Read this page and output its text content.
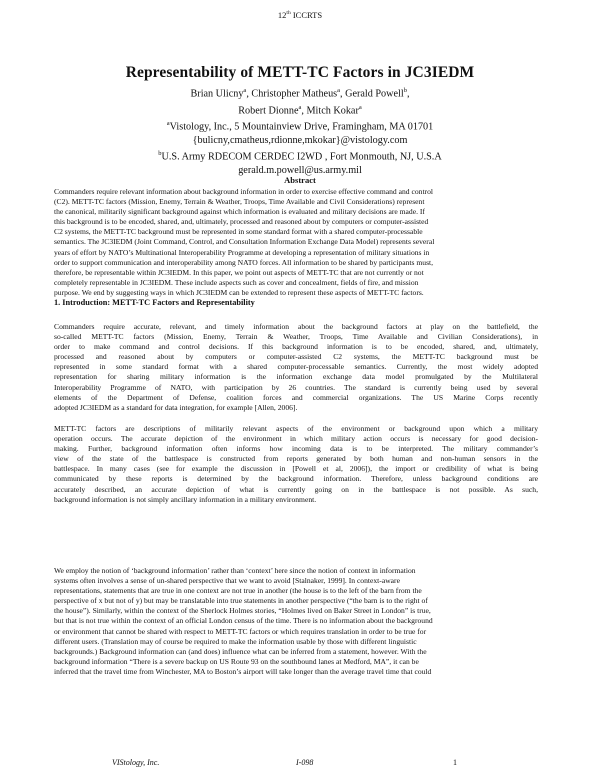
12th ICCRTS
Representability of METT-TC Factors in JC3IEDM
Brian Ulicny$^a$, Christopher Matheus$^a$, Gerald Powell$^b$,
Robert Dionne$^a$, Mitch Kokar$^a$
$^a$Vistology, Inc., 5 Mountainview Drive, Framingham, MA 01701
{bulicny,cmatheus,rdionne,mkokar}@vistology.com
$^b$U.S. Army RDECOM CERDEC I2WD , Fort Monmouth, NJ, U.S.A
gerald.m.powell@us.army.mil
Abstract
Commanders require relevant information about background information in order to exercise effective command and control
(C2). METT-TC factors (Mission, Enemy, Terrain & Weather, Troops, Time Available and Civil Considerations) represent
the canonical, militarily significant background against which information is evaluated and military decisions are made. If
this background is to be encoded, shared, and, ultimately, processed and reasoned about by computers or computer-assisted
C2 systems, the METT-TC background must be represented in some standard format with a shared computer-processable
semantics. The JC3IEDM (Joint Command, Control, and Consultation Information Exchange Data Model) represents several
years of effort by NATO’s Multinational Interoperability Programme at developing a representation of military situations in
order to support communication and interoperability among NATO forces. All information to be shared by participants must,
therefore, be representable within JC3IEDM. In this paper, we point out aspects of METT-TC that are not currently or not
completely representable in JC3IEDM. These include aspects such as cover and concealment, fields of fire, and mission
purpose. We end by suggesting ways in which JC3IEDM can be extended to represent these aspects of METT-TC factors.
1. Introduction: METT-TC Factors and Representability
Commanders require accurate, relevant, and timely information about the background factors at play on the battlefield, the
so-called METT-TC factors (Mission, Enemy, Terrain & Weather, Troops, Time Available and Civilian Considerations), in
order to make command and control decisions. If this background information is to be encoded, shared, and, ultimately,
processed and reasoned about by computers or computer-assisted C2 systems, the METT-TC background must be
represented in some standard format with a shared computer-processable semantics. Currently, the most widely adopted
representation for sharing military information is the information exchange data model promulgated by the Multilateral
Interoperability Programme of NATO, with participation by 26 countries. The standard is currently being used by several
elements of the Department of Defense, coalition forces and commercial organizations. The US Marine Corps recently
adopted JC3IEDM as a standard for data integration, for example [Allen, 2006].
METT-TC factors are descriptions of militarily relevant aspects of the environment or background upon which a military
operation occurs. The accurate depiction of the environment in which military action occurs is necessary for good decision-
making. Further, background information often informs how incoming data is to be interpreted. The military commander’s
view of the state of the battlespace is constructed from reports generated by both human and non-human sensors in the
battlespace. In many cases (see for example the discussion in [Powell et al, 2006]), the import or credibility of what is being
communicated by these reports is determined by the background information. Therefore, unless background conditions are
accurately described, an accurate depiction of what is currently going on in the battlespace is not possible. As such,
background information is not simply ancillary information in a military environment.
We employ the notion of ‘background information’ rather than ‘context’ here since the notion of context in information
systems often involves a sense of un-shared perspective that we want to avoid [Stalnaker, 1999]. In context-aware
representations, statements that are true in one context are not true in another (the house is to the left of the barn from the
perspective of x but not of y) but may be translatable into true statements in another perspective (“the barn is to the right of
the house”). Similarly, within the context of the Sherlock Holmes stories, “Holmes lived on Baker Street in London” is true,
but that is not true within the context of an official London census of the time. There is no information about the background
or environment that cannot be shared with respect to METT-TC factors or which requires translation in order to be true for
different users. (Translation may of course be required to make the information usable by those with different linguistic
backgrounds.) Background information can (and does) influence what can be inferred from a statement, however. With the
background information “There is a severe backup on US Route 93 on the southbound lanes at Medford, MA”, it can be
inferred that the travel time from Winchester, MA to Boston’s airport will take longer than the average travel time that could
VIStology, Inc.	I-098	1
